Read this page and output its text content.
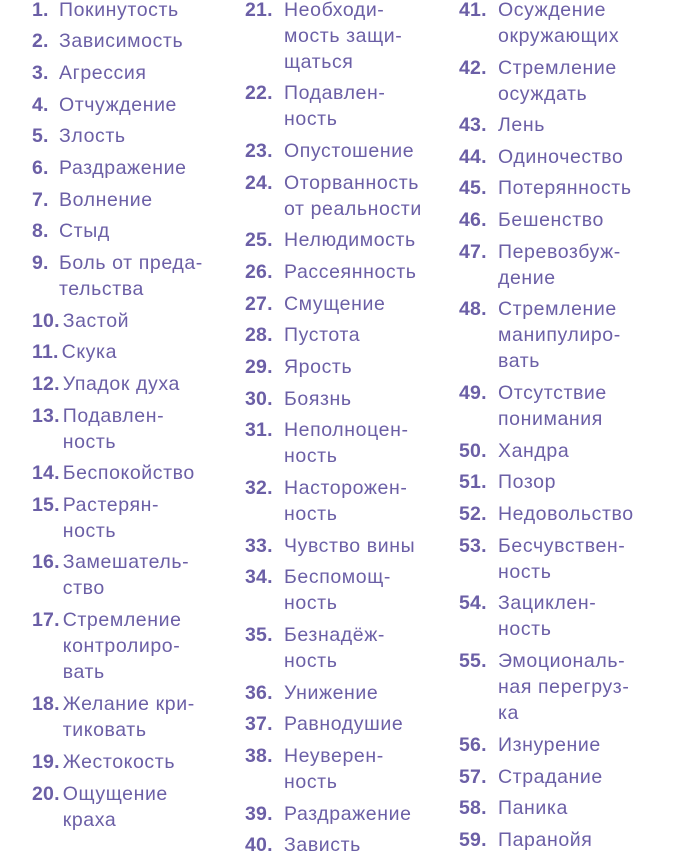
1. Покинутость
2. Зависимость
3. Агрессия
4. Отчуждение
5. Злость
6. Раздражение
7. Волнение
8. Стыд
9. Боль от преда-
тельства
10. Застой
11. Скука
12. Упадок духа
13. Подавлен-
ность
14. Беспокойство
15. Растерян-
ность
16. Замешатель-
ство
17. Стремление
контролиро-
вать
18. Желание кри-
тиковать
19. Жестокость
20. Ощущение
краха
21. Необходи-
мость защи-
щаться
22. Подавлен-
ность
23. Опустошение
24. Оторванность
от реальности
25. Нелюдимость
26. Рассеянность
27. Смущение
28. Пустота
29. Ярость
30. Боязнь
31. Неполноцен-
ность
32. Насторожен-
ность
33. Чувство вины
34. Беспомощ-
ность
35. Безнадёж-
ность
36. Унижение
37. Равнодушие
38. Неуверен-
ность
39. Раздражение
40. Зависть
41. Осуждение
окружающих
42. Стремление
осуждать
43. Лень
44. Одиночество
45. Потерянность
46. Бешенство
47. Перевозбуж-
дение
48. Стремление
манипулиро-
вать
49. Отсутствие
понимания
50. Хандра
51. Позор
52. Недовольство
53. Бесчувствен-
ность
54. Зациклен-
ность
55. Эмоциональ-
ная перегруз-
ка
56. Изнурение
57. Страдание
58. Паника
59. Паранойя
